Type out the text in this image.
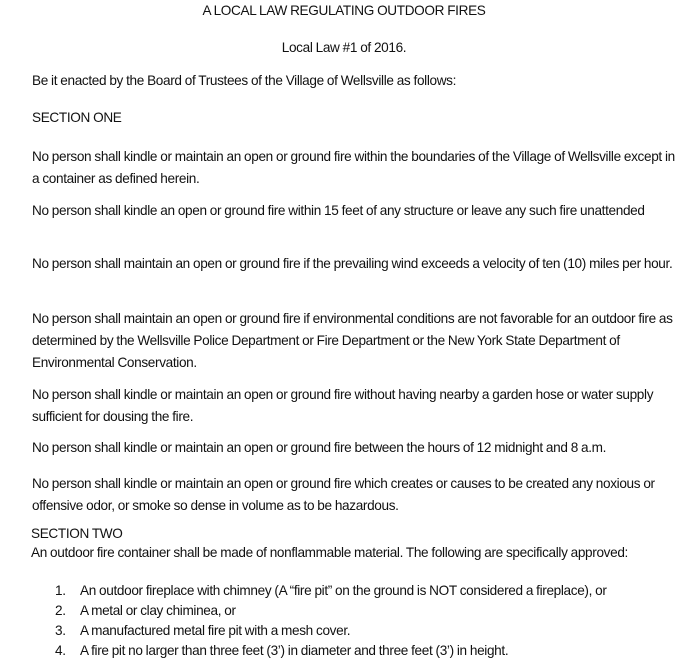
A LOCAL LAW REGULATING OUTDOOR FIRES
Local Law #1 of 2016.
Be it enacted by the Board of Trustees of the Village of Wellsville as follows:
SECTION ONE
No person shall kindle or maintain an open or ground fire within the boundaries of the Village of Wellsville except in a container as defined herein.
No person shall kindle an open or ground fire within 15 feet of any structure or leave any such fire unattended
No person shall maintain an open or ground fire if the prevailing wind exceeds a velocity of ten (10) miles per hour.
No person shall maintain an open or ground fire if environmental conditions are not favorable for an outdoor fire as determined by the Wellsville Police Department or Fire Department or the New York State Department of Environmental Conservation.
No person shall kindle or maintain an open or ground fire without having nearby a garden hose or water supply sufficient for dousing the fire.
No person shall kindle or maintain an open or ground fire between the hours of 12 midnight and 8 a.m.
No person shall kindle or maintain an open or ground fire which creates or causes to be created any noxious or offensive odor, or smoke so dense in volume as to be hazardous.
SECTION TWO
An outdoor fire container shall be made of nonflammable material. The following are specifically approved:
1. An outdoor fireplace with chimney (A “fire pit” on the ground is NOT considered a fireplace), or
2. A metal or clay chiminea, or
3. A manufactured metal fire pit with a mesh cover.
4. A fire pit no larger than three feet (3’) in diameter and three feet (3’) in height.
